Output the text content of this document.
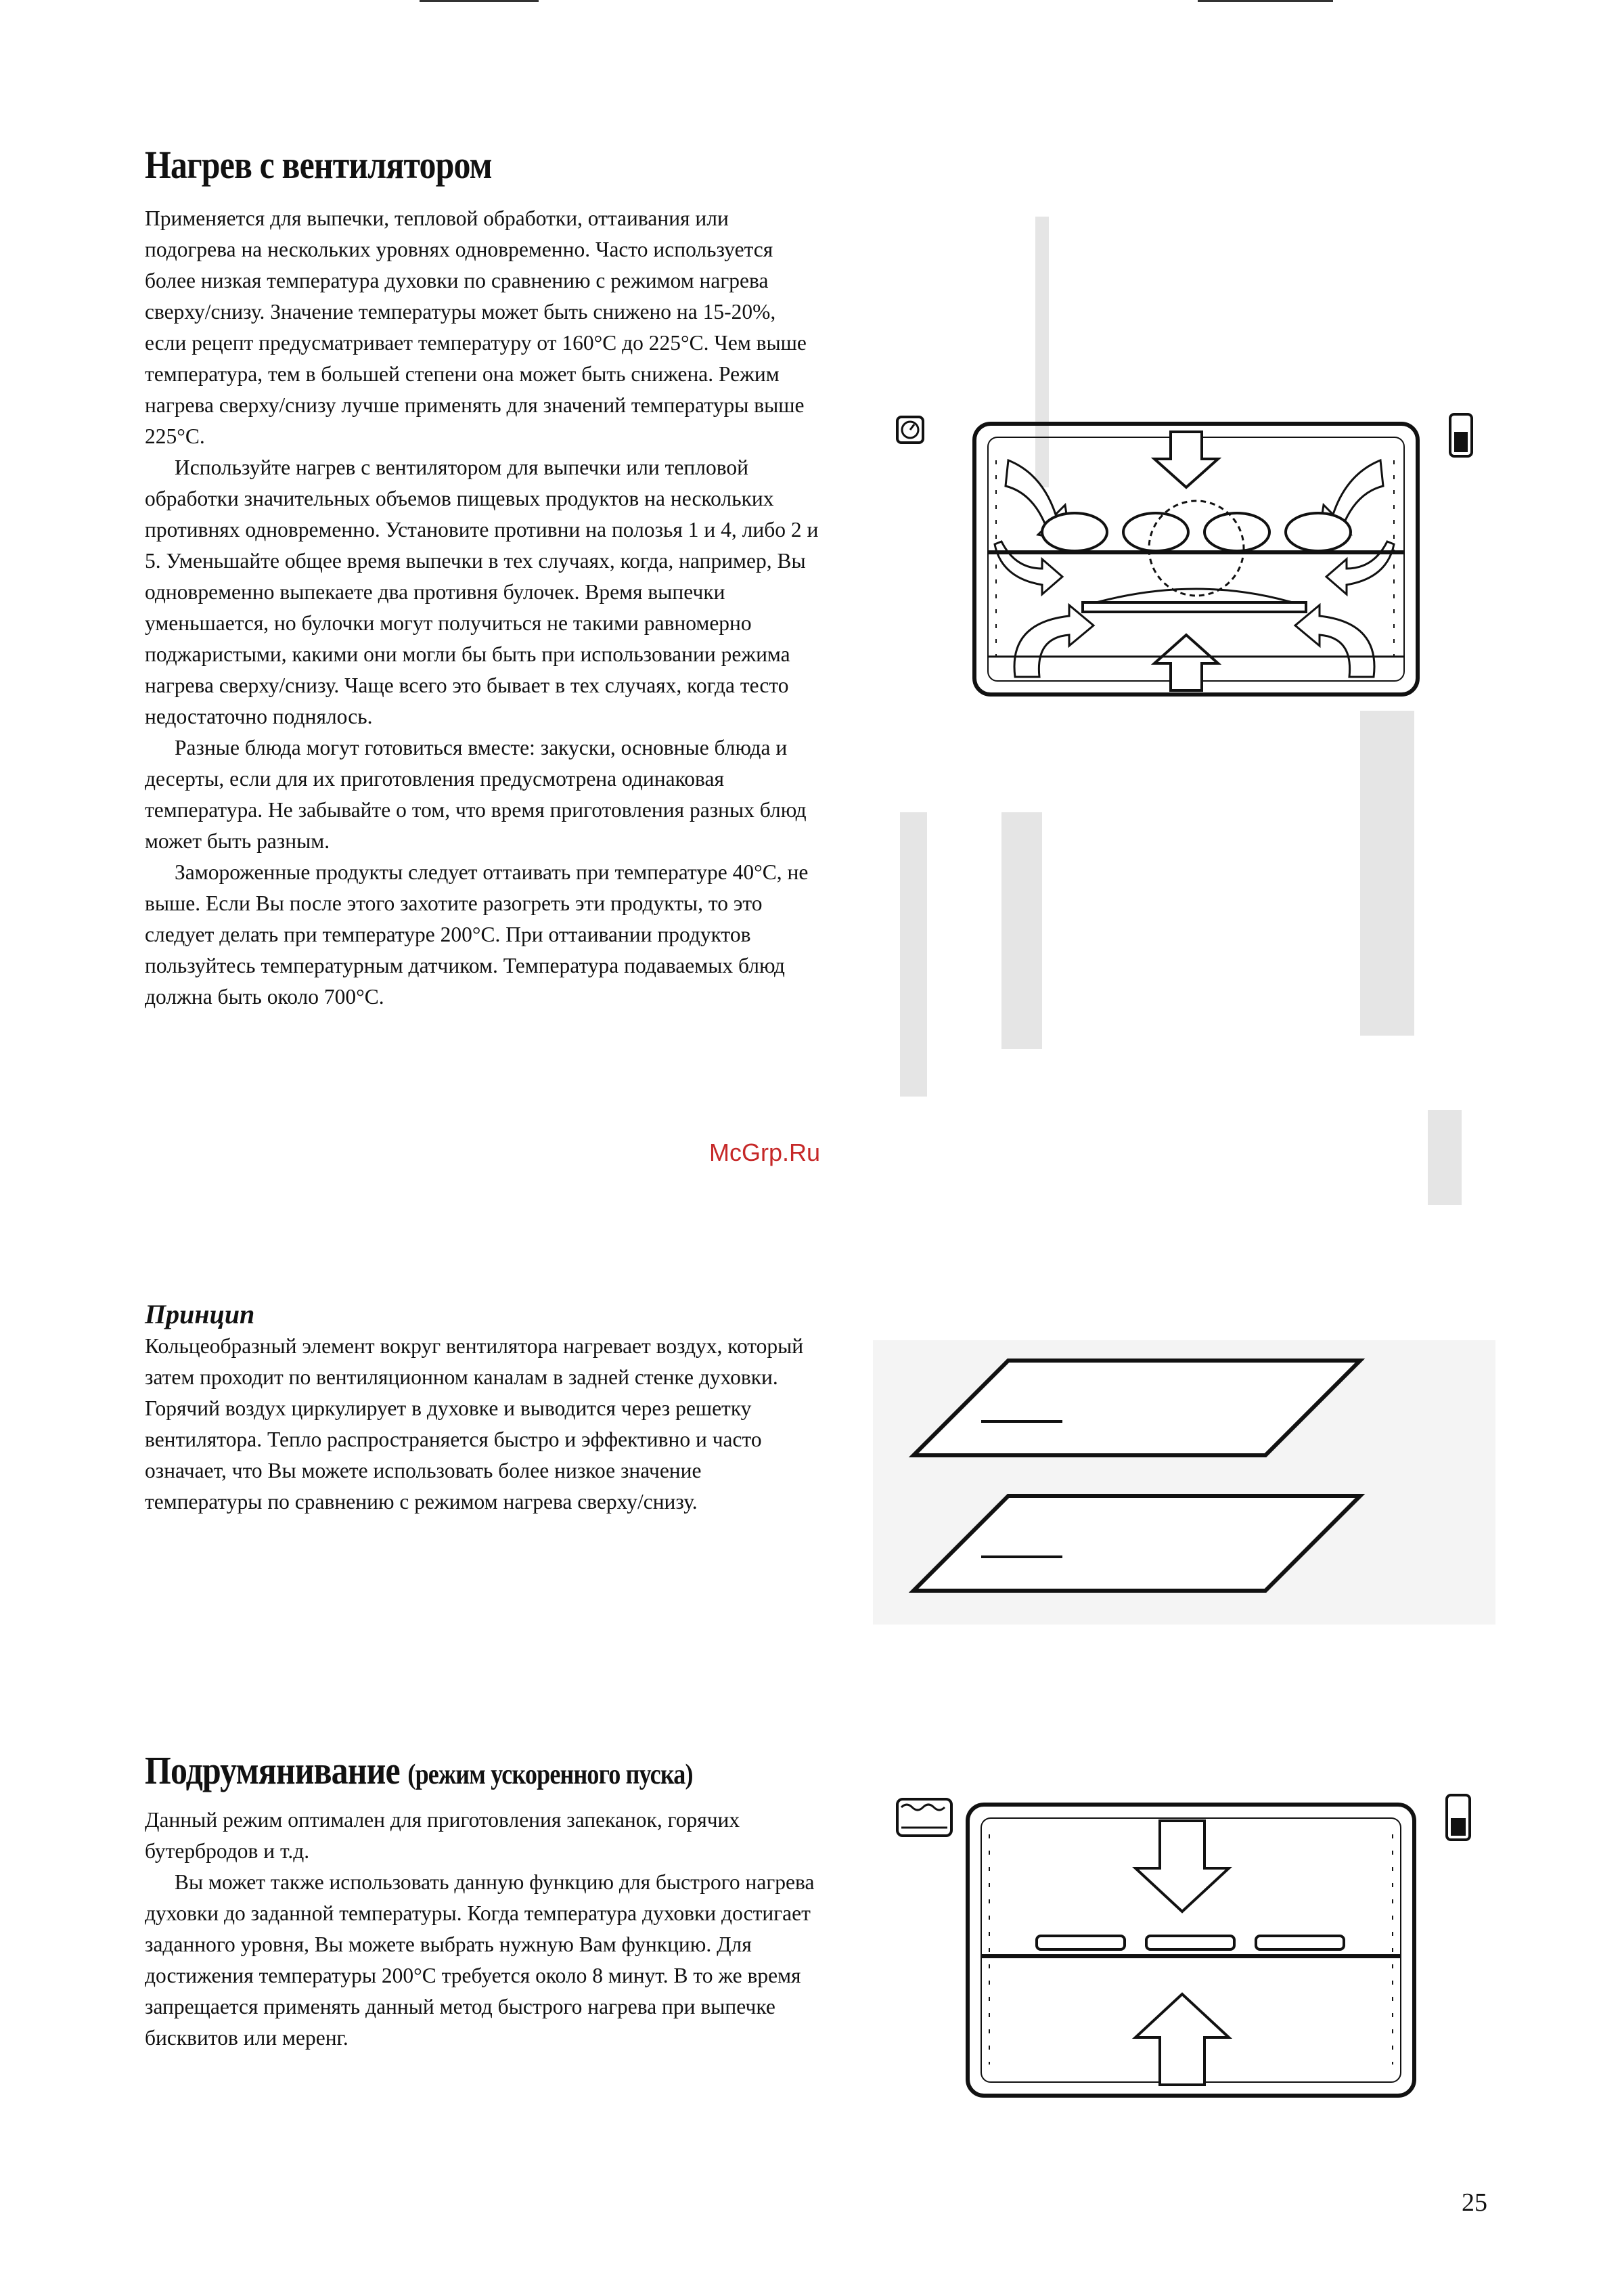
Нагрев с вентилятором

Применяется для выпечки, тепловой обработки, оттаивания или подогрева на нескольких уровнях одновременно. Часто используется более низкая температура духовки по сравнению с режимом нагрева сверху/снизу. Значение температуры может быть снижено на 15-20%, если рецепт предусматривает температуру от 160°С до 225°С. Чем выше температура, тем в большей степени она может быть снижена. Режим нагрева сверху/снизу лучше применять для значений температуры выше 225°С.

Используйте нагрев с вентилятором для выпечки или тепловой обработки значительных объемов пищевых продуктов на нескольких противнях одновременно. Установите противни на полозья 1 и 4, либо 2 и 5. Уменьшайте общее время выпечки в тех случаях, когда, например, Вы одновременно выпекаете два противня булочек. Время выпечки уменьшается, но булочки могут получиться не такими равномерно поджаристыми, какими они могли бы быть при использовании режима нагрева сверху/снизу. Чаще всего это бывает в тех случаях, когда тесто недостаточно поднялось.

Разные блюда могут готовиться вместе: закуски, основные блюда и десерты, если для их приготовления предусмотрена одинаковая температура. Не забывайте о том, что время приготовления разных блюд может быть разным.

Замороженные продукты следует оттаивать при температуре 40°С, не выше. Если Вы после этого захотите разогреть эти продукты, то это следует делать при температуре 200°С. При оттаивании продуктов пользуйтесь температурным датчиком. Температура подаваемых блюд должна быть около 700°С.

Принцип

Кольцеобразный элемент вокруг вентилятора нагревает воздух, который затем проходит по вентиляционном каналам в задней стенке духовки. Горячий воздух циркулирует в духовке и выводится через решетку вентилятора. Тепло распространяется быстро и эффективно и часто означает, что Вы можете использовать более низкое значение температуры по сравнению с режимом нагрева сверху/снизу.

Подрумянивание (режим ускоренного пуска)

Данный режим оптимален для приготовления запеканок, горячих бутербродов и т.д.

Вы может также использовать данную функцию для быстрого нагрева духовки до заданной температуры. Когда температура духовки достигает заданного уровня, Вы можете выбрать нужную Вам функцию. Для достижения температуры 200°С требуется около 8 минут. В то же время запрещается применять данный метод быстрого нагрева при выпечке бисквитов или меренг.

McGrp.Ru
25
